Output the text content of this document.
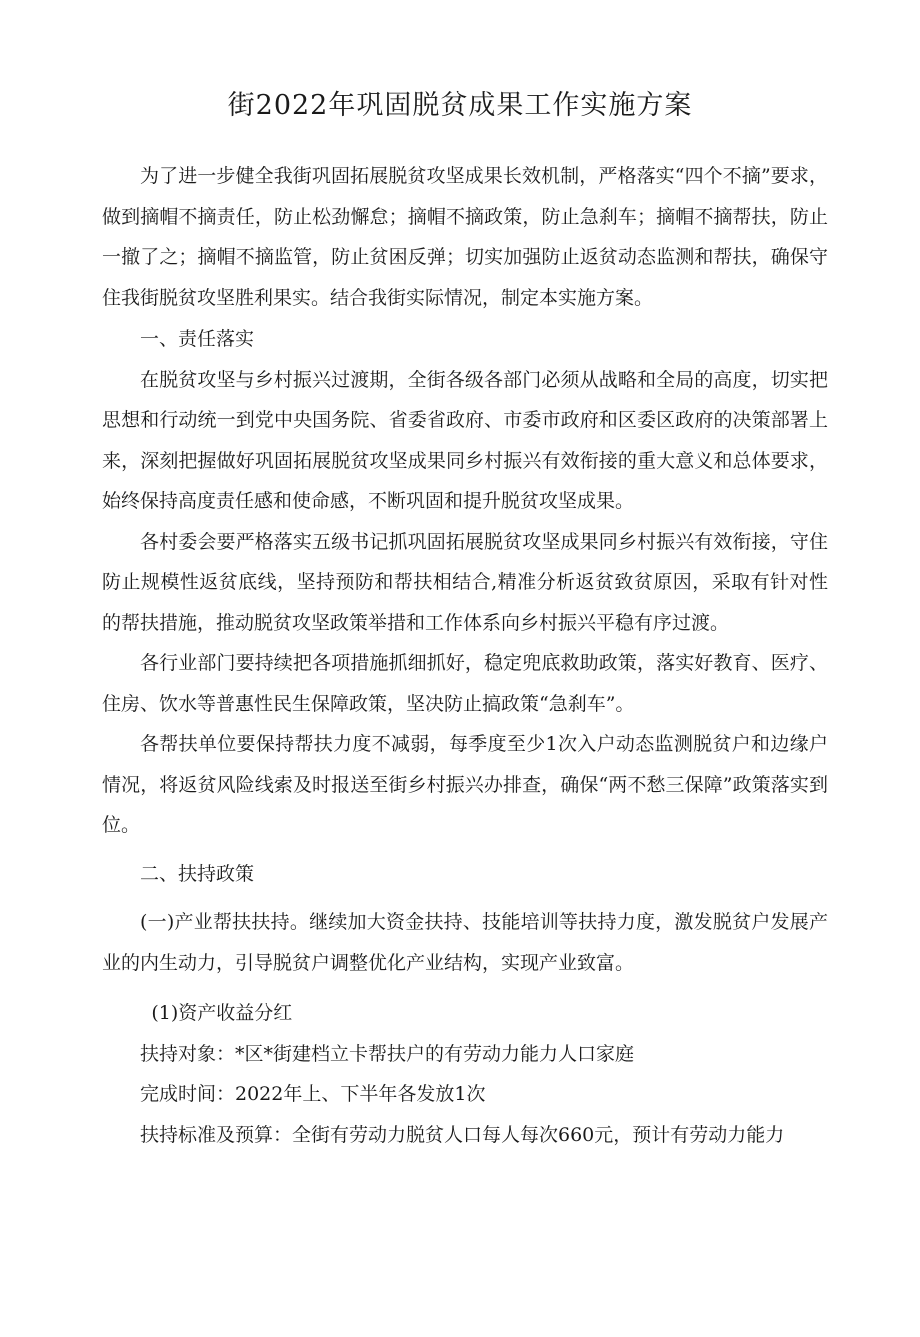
街2022年巩固脱贫成果工作实施方案

为了进一步健全我街巩固拓展脱贫攻坚成果长效机制，严格落实“四个不摘”要求，做到摘帽不摘责任，防止松劲懈怠；摘帽不摘政策，防止急刹车；摘帽不摘帮扶，防止一撤了之；摘帽不摘监管，防止贫困反弹；切实加强防止返贫动态监测和帮扶，确保守住我街脱贫攻坚胜利果实。结合我街实际情况，制定本实施方案。

一、责任落实

在脱贫攻坚与乡村振兴过渡期，全街各级各部门必须从战略和全局的高度，切实把思想和行动统一到党中央国务院、省委省政府、市委市政府和区委区政府的决策部署上来，深刻把握做好巩固拓展脱贫攻坚成果同乡村振兴有效衔接的重大意义和总体要求，始终保持高度责任感和使命感，不断巩固和提升脱贫攻坚成果。

各村委会要严格落实五级书记抓巩固拓展脱贫攻坚成果同乡村振兴有效衔接，守住防止规模性返贫底线，坚持预防和帮扶相结合,精准分析返贫致贫原因，采取有针对性的帮扶措施，推动脱贫攻坚政策举措和工作体系向乡村振兴平稳有序过渡。

各行业部门要持续把各项措施抓细抓好，稳定兜底救助政策，落实好教育、医疗、住房、饮水等普惠性民生保障政策，坚决防止搞政策“急刹车”。

各帮扶单位要保持帮扶力度不减弱，每季度至少1次入户动态监测脱贫户和边缘户情况，将返贫风险线索及时报送至街乡村振兴办排查，确保“两不愁三保障”政策落实到位。

二、扶持政策

(一)产业帮扶扶持。继续加大资金扶持、技能培训等扶持力度，激发脱贫户发展产业的内生动力，引导脱贫户调整优化产业结构，实现产业致富。

(1)资产收益分红

扶持对象：*区*街建档立卡帮扶户的有劳动力能力人口家庭

完成时间：2022年上、下半年各发放1次

扶持标准及预算：全街有劳动力脱贫人口每人每次660元，预计有劳动力能力
